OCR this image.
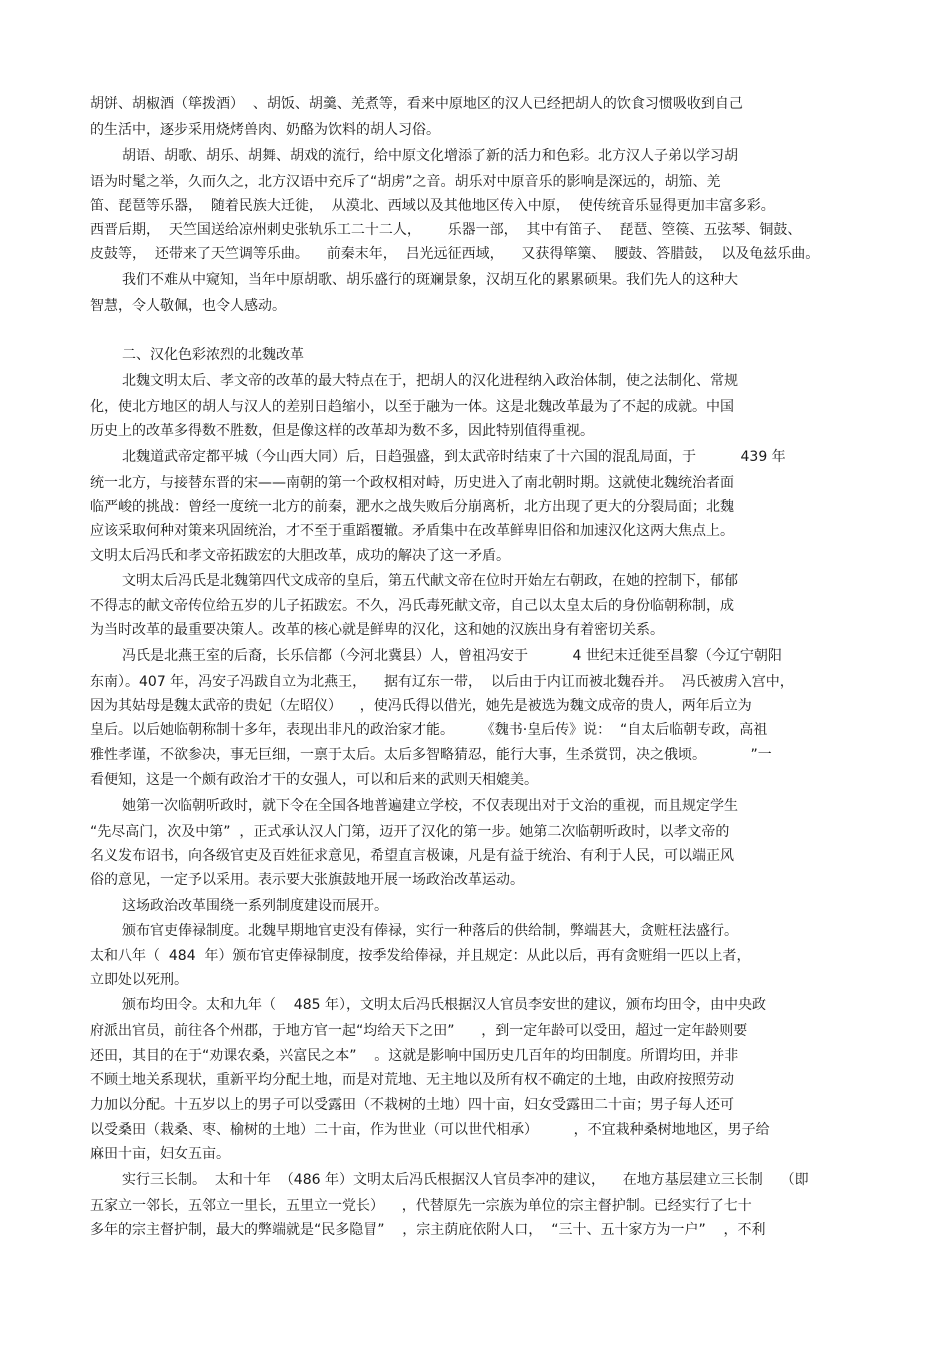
胡饼、胡椒酒（筚拨酒）  、胡饭、胡羹、羌煮等，看来中原地区的汉人已经把胡人的饮食习惯吸收到自己
的生活中，逐步采用烧烤兽肉、奶酪为饮料的胡人习俗。
胡语、胡歌、胡乐、胡舞、胡戏的流行，给中原文化增添了新的活力和色彩。北方汉人子弟以学习胡
语为时髦之举，久而久之，北方汉语中充斥了“胡虏”之音。胡乐对中原音乐的影响是深远的，胡笳、羌
笛、琵琶等乐器，  随着民族大迁徙，  从漠北、西域以及其他地区传入中原，  使传统音乐显得更加丰富多彩。
西晋后期，  天竺国送给凉州刺史张轨乐工二十二人，      乐器一部，  其中有笛子、  琵琶、箜篌、五弦琴、铜鼓、
皮鼓等，  还带来了天竺调等乐曲。    前秦末年，  吕光远征西域，    又获得筚篥、  腰鼓、答腊鼓，  以及龟兹乐曲。
我们不难从中窥知，当年中原胡歌、胡乐盛行的斑斓景象，汉胡互化的累累硕果。我们先人的这种大
智慧，令人敬佩，也令人感动。
二、汉化色彩浓烈的北魏改革
北魏文明太后、孝文帝的改革的最大特点在于，把胡人的汉化进程纳入政治体制，使之法制化、常规
化，使北方地区的胡人与汉人的差别日趋缩小，以至于融为一体。这是北魏改革最为了不起的成就。中国
历史上的改革多得数不胜数，但是像这样的改革却为数不多，因此特别值得重视。
北魏道武帝定都平城（今山西大同）后，日趋强盛，到太武帝时结束了十六国的混乱局面，于          439 年
统一北方，与接替东晋的宋——南朝的第一个政权相对峙，历史进入了南北朝时期。这就使北魏统治者面
临严峻的挑战：曾经一度统一北方的前秦，淝水之战失败后分崩离析，北方出现了更大的分裂局面；北魏
应该采取何种对策来巩固统治，才不至于重蹈覆辙。矛盾集中在改革鲜卑旧俗和加速汉化这两大焦点上。
文明太后冯氏和孝文帝拓跋宏的大胆改革，成功的解决了这一矛盾。
文明太后冯氏是北魏第四代文成帝的皇后，第五代献文帝在位时开始左右朝政，在她的控制下，郁郁
不得志的献文帝传位给五岁的儿子拓跋宏。不久，冯氏毒死献文帝，自己以太皇太后的身份临朝称制，成
为当时改革的最重要决策人。改革的核心就是鲜卑的汉化，这和她的汉族出身有着密切关系。
冯氏是北燕王室的后裔，长乐信都（今河北冀县）人，曾祖冯安于          4 世纪末迁徙至昌黎（今辽宁朝阳
东南）。407 年，冯安子冯跋自立为北燕王，    据有辽东一带，  以后由于内讧而被北魏吞并。  冯氏被虏入宫中，
因为其姑母是魏太武帝的贵妃（左昭仪）    ，使冯氏得以借光，她先是被选为魏文成帝的贵人，两年后立为
皇后。以后她临朝称制十多年，表现出非凡的政治家才能。      《魏书·皇后传》说：  “自太后临朝专政，高祖
雅性孝谨，不欲参决，事无巨细，一禀于太后。太后多智略猜忍，能行大事，生杀赏罚，决之俄顷。          ”一
看便知，这是一个颇有政治才干的女强人，可以和后来的武则天相媲美。
她第一次临朝听政时，就下令在全国各地普遍建立学校，不仅表现出对于文治的重视，而且规定学生
“先尽高门，次及中第”  ，正式承认汉人门第，迈开了汉化的第一步。她第二次临朝听政时，以孝文帝的
名义发布诏书，向各级官吏及百姓征求意见，希望直言极谏，凡是有益于统治、有利于人民，可以端正风
俗的意见，一定予以采用。表示要大张旗鼓地开展一场政治改革运动。
这场政治改革围绕一系列制度建设而展开。
颁布官吏俸禄制度。北魏早期地官吏没有俸禄，实行一种落后的供给制，弊端甚大，贪赃枉法盛行。
太和八年（  484  年）颁布官吏俸禄制度，按季发给俸禄，并且规定：从此以后，再有贪赃绢一匹以上者，
立即处以死刑。
颁布均田令。太和九年（    485 年），文明太后冯氏根据汉人官员李安世的建议，颁布均田令，由中央政
府派出官员，前往各个州郡，于地方官一起“均给天下之田”      ，到一定年龄可以受田，超过一定年龄则要
还田，其目的在于“劝课农桑，兴富民之本”    。这就是影响中国历史几百年的均田制度。所谓均田，并非
不顾土地关系现状，重新平均分配土地，而是对荒地、无主地以及所有权不确定的土地，由政府按照劳动
力加以分配。十五岁以上的男子可以受露田（不栽树的土地）四十亩，妇女受露田二十亩；男子每人还可
以受桑田（栽桑、枣、榆树的土地）二十亩，作为世业（可以世代相承）        ，不宜栽种桑树地地区，男子给
麻田十亩，妇女五亩。
实行三长制。  太和十年  （486 年）文明太后冯氏根据汉人官员李冲的建议，    在地方基层建立三长制    （即
五家立一邻长，五邻立一里长，五里立一党长）    ，代替原先一宗族为单位的宗主督护制。已经实行了七十
多年的宗主督护制，最大的弊端就是“民多隐冒”    ，宗主荫庇依附人口，  “三十、五十家方为一户”    ，不利
